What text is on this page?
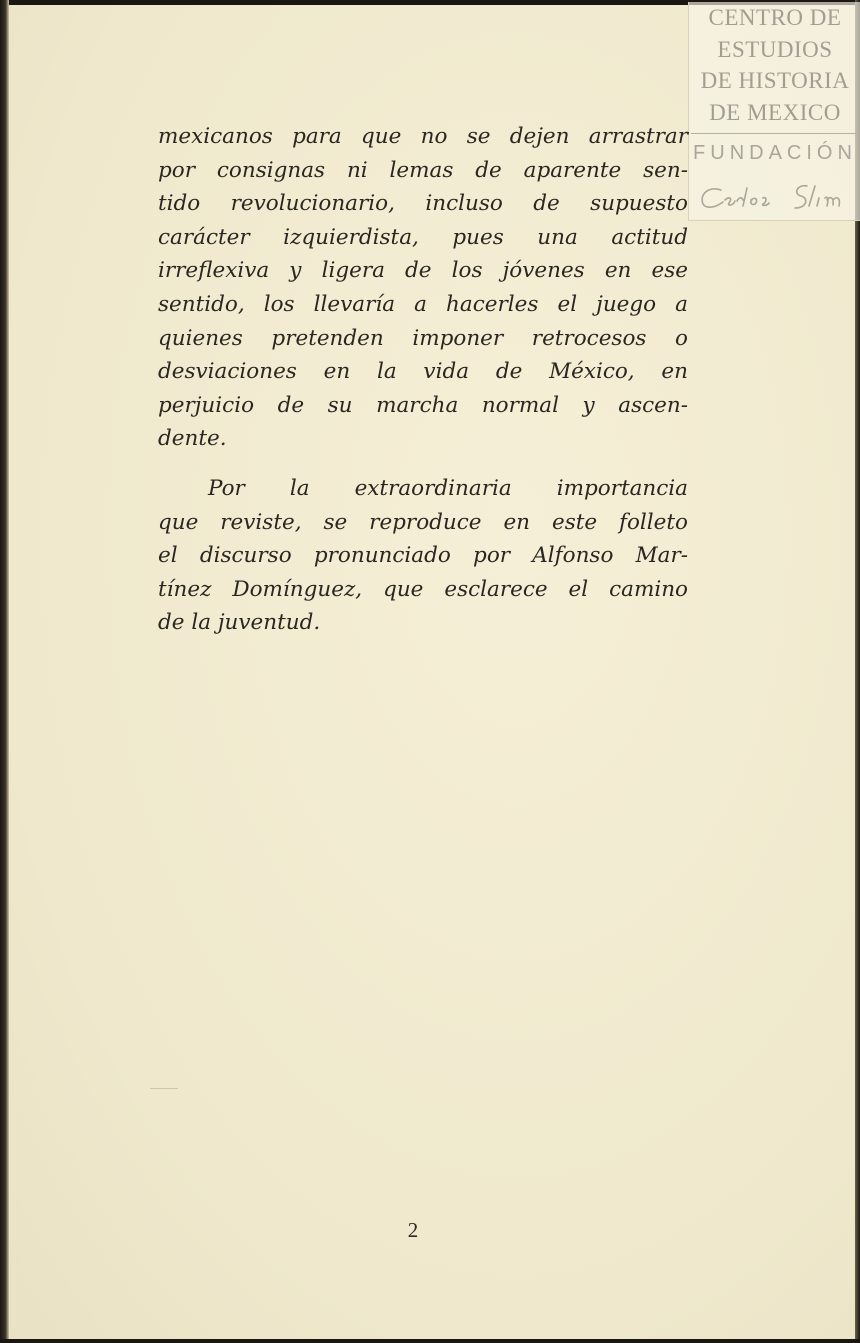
CENTRO DE
ESTUDIOS
DE HISTORIA
DE MEXICO
FUNDACIÓN
mexicanos para que no se dejen arrastrar
por consignas ni lemas de aparente sen-
tido revolucionario, incluso de supuesto
carácter izquierdista, pues una actitud
irreflexiva y ligera de los jóvenes en ese
sentido, los llevaría a hacerles el juego a
quienes pretenden imponer retrocesos o
desviaciones en la vida de México, en
perjuicio de su marcha normal y ascen-
dente.
Por la extraordinaria importancia
que reviste, se reproduce en este folleto
el discurso pronunciado por Alfonso Mar-
tínez Domínguez, que esclarece el camino
de la juventud.
2
